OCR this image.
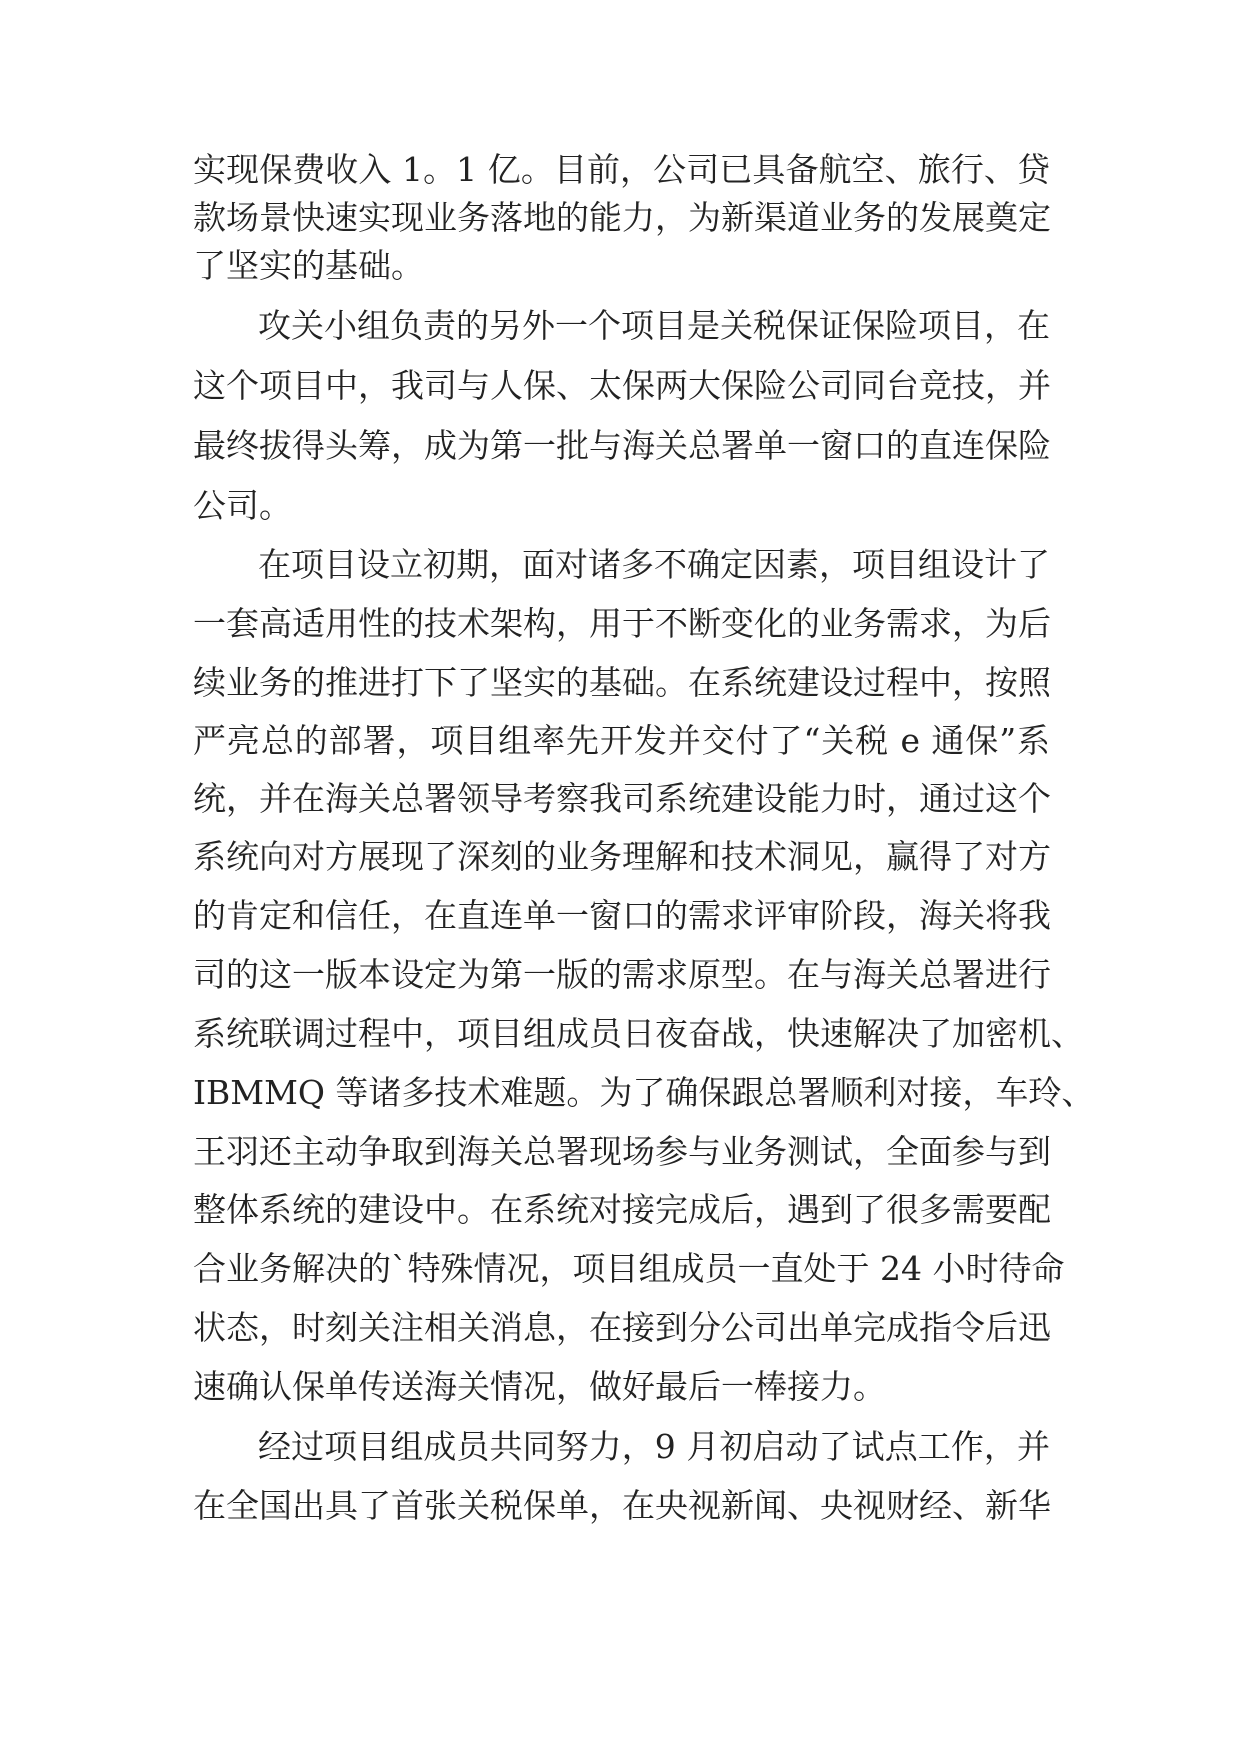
实现保费收入 1。1 亿。目前，公司已具备航空、旅行、贷
款场景快速实现业务落地的能力，为新渠道业务的发展奠定
了坚实的基础。
攻关小组负责的另外一个项目是关税保证保险项目，在
这个项目中，我司与人保、太保两大保险公司同台竞技，并
最终拔得头筹，成为第一批与海关总署单一窗口的直连保险
公司。
在项目设立初期，面对诸多不确定因素，项目组设计了
一套高适用性的技术架构，用于不断变化的业务需求，为后
续业务的推进打下了坚实的基础。在系统建设过程中，按照
严亮总的部署，项目组率先开发并交付了“关税 e 通保”系
统，并在海关总署领导考察我司系统建设能力时，通过这个
系统向对方展现了深刻的业务理解和技术洞见，赢得了对方
的肯定和信任，在直连单一窗口的需求评审阶段，海关将我
司的这一版本设定为第一版的需求原型。在与海关总署进行
系统联调过程中，项目组成员日夜奋战，快速解决了加密机、
IBMMQ 等诸多技术难题。为了确保跟总署顺利对接，车玲、
王羽还主动争取到海关总署现场参与业务测试，全面参与到
整体系统的建设中。在系统对接完成后，遇到了很多需要配
合业务解决的`特殊情况，项目组成员一直处于 24 小时待命
状态，时刻关注相关消息，在接到分公司出单完成指令后迅
速确认保单传送海关情况，做好最后一棒接力。
经过项目组成员共同努力，9 月初启动了试点工作，并
在全国出具了首张关税保单，在央视新闻、央视财经、新华
